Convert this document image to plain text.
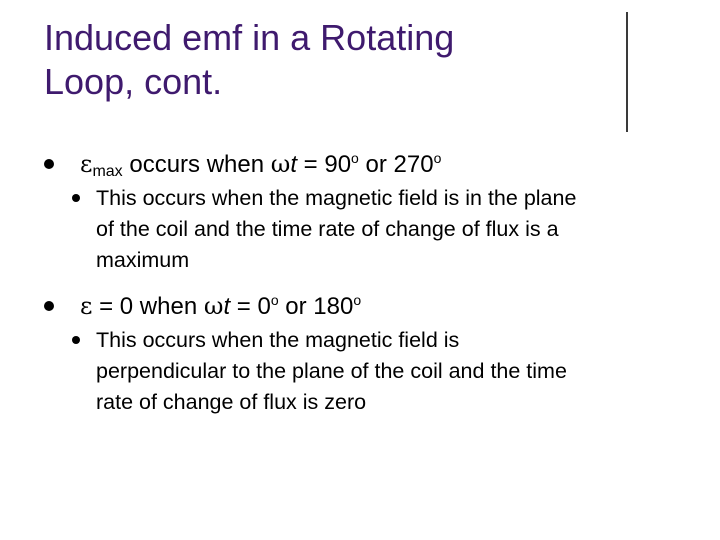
Induced emf in a Rotating
Loop, cont.
$\varepsilon_{max}$ occurs when $\omega t = 90^o$ or 270$^o$
This occurs when the magnetic field is in the plane
of the coil and the time rate of change of flux is a
maximum
ε = 0 when $\omega t = 0^o$ or 180$^o$
This occurs when the magnetic field is
perpendicular to the plane of the coil and the time
rate of change of flux is zero
